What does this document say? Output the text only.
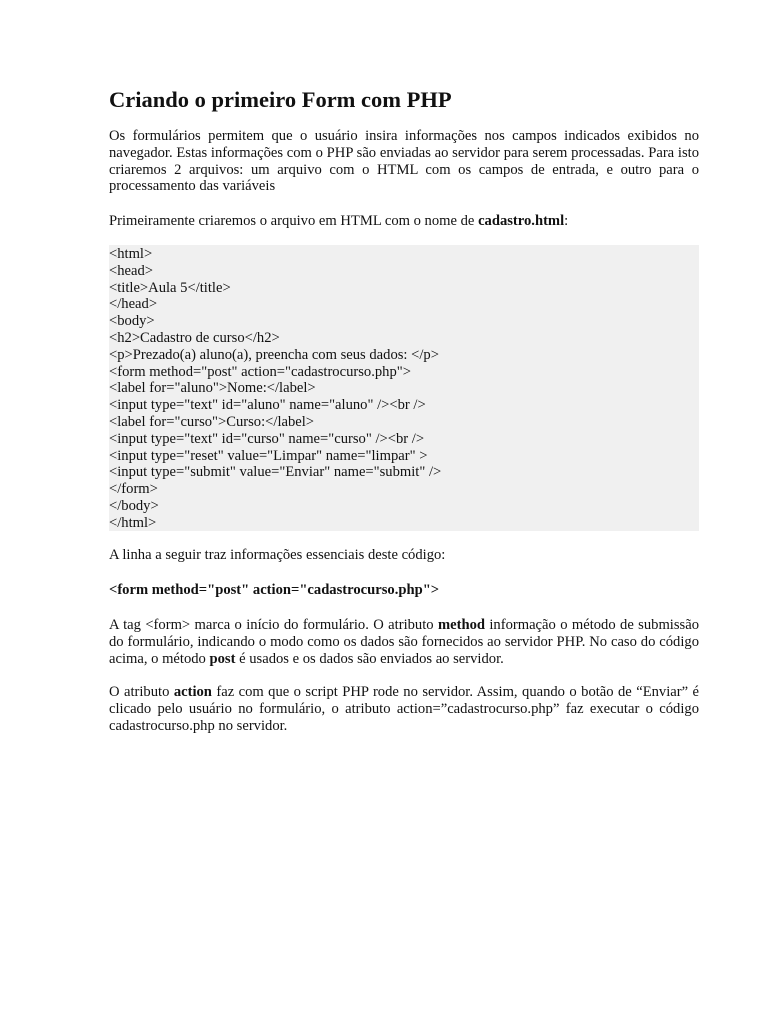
Criando o primeiro Form com PHP

Os formulários permitem que o usuário insira informações nos campos indicados exibidos no navegador. Estas informações com o PHP são enviadas ao servidor para serem processadas. Para isto criaremos 2 arquivos: um arquivo com o HTML com os campos de entrada, e outro para o processamento das variáveis

Primeiramente criaremos o arquivo em HTML com o nome de cadastro.html:

<html>
<head>
<title>Aula 5</title>
</head>
<body>
<h2>Cadastro de curso</h2>
<p>Prezado(a) aluno(a), preencha com seus dados: </p>
<form method="post" action="cadastrocurso.php">
<label for="aluno">Nome:</label>
<input type="text" id="aluno" name="aluno" /><br />
<label for="curso">Curso:</label>
<input type="text" id="curso" name="curso" /><br />
<input type="reset" value="Limpar" name="limpar" >
<input type="submit" value="Enviar" name="submit" />
</form>
</body>
</html>

A linha a seguir traz informações essenciais deste código:

<form method="post" action="cadastrocurso.php">

A tag <form> marca o início do formulário. O atributo method informação o método de submissão do formulário, indicando o modo como os dados são fornecidos ao servidor PHP. No caso do código acima, o método post é usados e os dados são enviados ao servidor.

O atributo action faz com que o script PHP rode no servidor. Assim, quando o botão de “Enviar” é clicado pelo usuário no formulário, o atributo action=”cadastrocurso.php” faz executar o código cadastrocurso.php no servidor.
